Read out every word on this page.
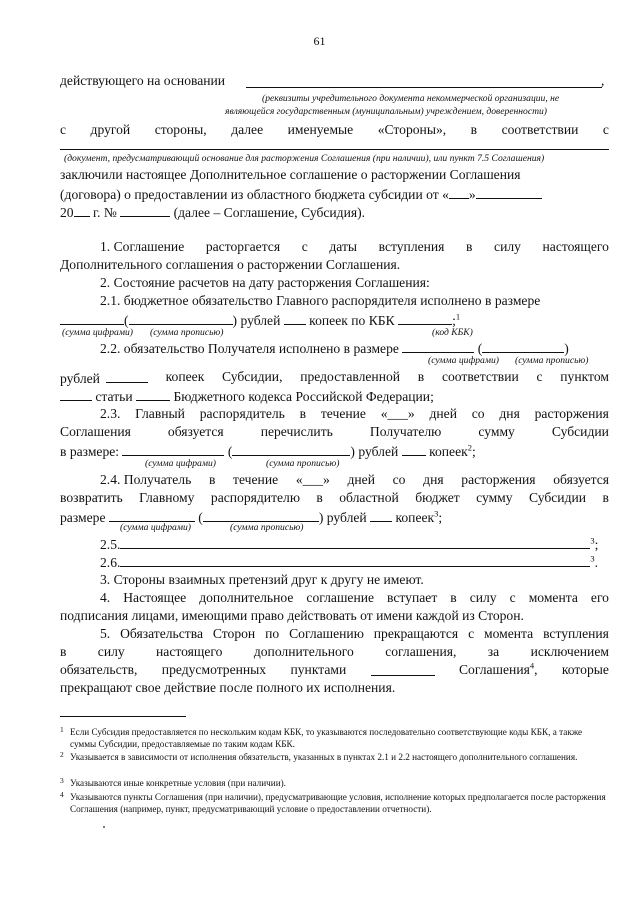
61
действующего на основании	,
(реквизиты учредительного документа некоммерческой организации, не
являющейся государственным (муниципальным) учреждением, доверенности)
с другой стороны, далее именуемые «Стороны», в соответствии с
(документ, предусматривающий основание для расторжения Соглашения (при наличии), или пункт 7.5 Соглашения)
заключили настоящее Дополнительное соглашение о расторжении Соглашения
(договора) о предоставлении из областного бюджета субсидии от « »
20 г. №	(далее – Соглашение, Субсидия).
1. Соглашение расторгается с даты вступления в силу настоящего
Дополнительного соглашения о расторжении Соглашения.
2. Состояние расчетов на дату расторжения Соглашения:
2.1. бюджетное обязательство Главного распорядителя исполнено в размере
(	) рублей  копеек по КБК	;$^1$
(сумма цифрами) (сумма прописью)	(код КБК)
2.2. обязательство Получателя исполнено в размере	(	)
(сумма цифрами) (сумма прописью)
рублей	копеек Субсидии, предоставленной в соответствии с пунктом
статьи	Бюджетного кодекса Российской Федерации;
2.3. Главный распорядитель в течение «___» дней со дня расторжения
Соглашения	обязуется	перечислить	Получателю	сумму	Субсидии
в размере:	(	) рублей  копеек$^2$;
(сумма цифрами)	(сумма прописью)
2.4. Получатель в течение «___» дней со дня расторжения обязуется
возвратить Главному распорядителю в областной бюджет сумму Субсидии в
размере	(	) рублей  копеек$^3$;
(сумма цифрами)	(сумма прописью)
2.5.	$^3$;
2.6.	$^3$.
3. Стороны взаимных претензий друг к другу не имеют.
4. Настоящее дополнительное соглашение вступает в силу с момента его
подписания лицами, имеющими право действовать от имени каждой из Сторон.
5. Обязательства Сторон по Соглашению прекращаются с момента вступления
в силу настоящего дополнительного соглашения, за исключением
обязательств, предусмотренных пунктами	Соглашения$^4$, которые
прекращают свое действие после полного их исполнения.
1 Если Субсидия предоставляется по нескольким кодам КБК, то указываются последовательно соответствующие коды КБК, а также суммы Субсидии, предоставляемые по таким кодам КБК.
2 Указывается в зависимости от исполнения обязательств, указанных в пунктах 2.1 и 2.2 настоящего дополнительного соглашения.
3 Указываются иные конкретные условия (при наличии).
4 Указываются пункты Соглашения (при наличии), предусматривающие условия, исполнение которых предполагается после расторжения Соглашения (например, пункт, предусматривающий условие о предоставлении отчетности).
